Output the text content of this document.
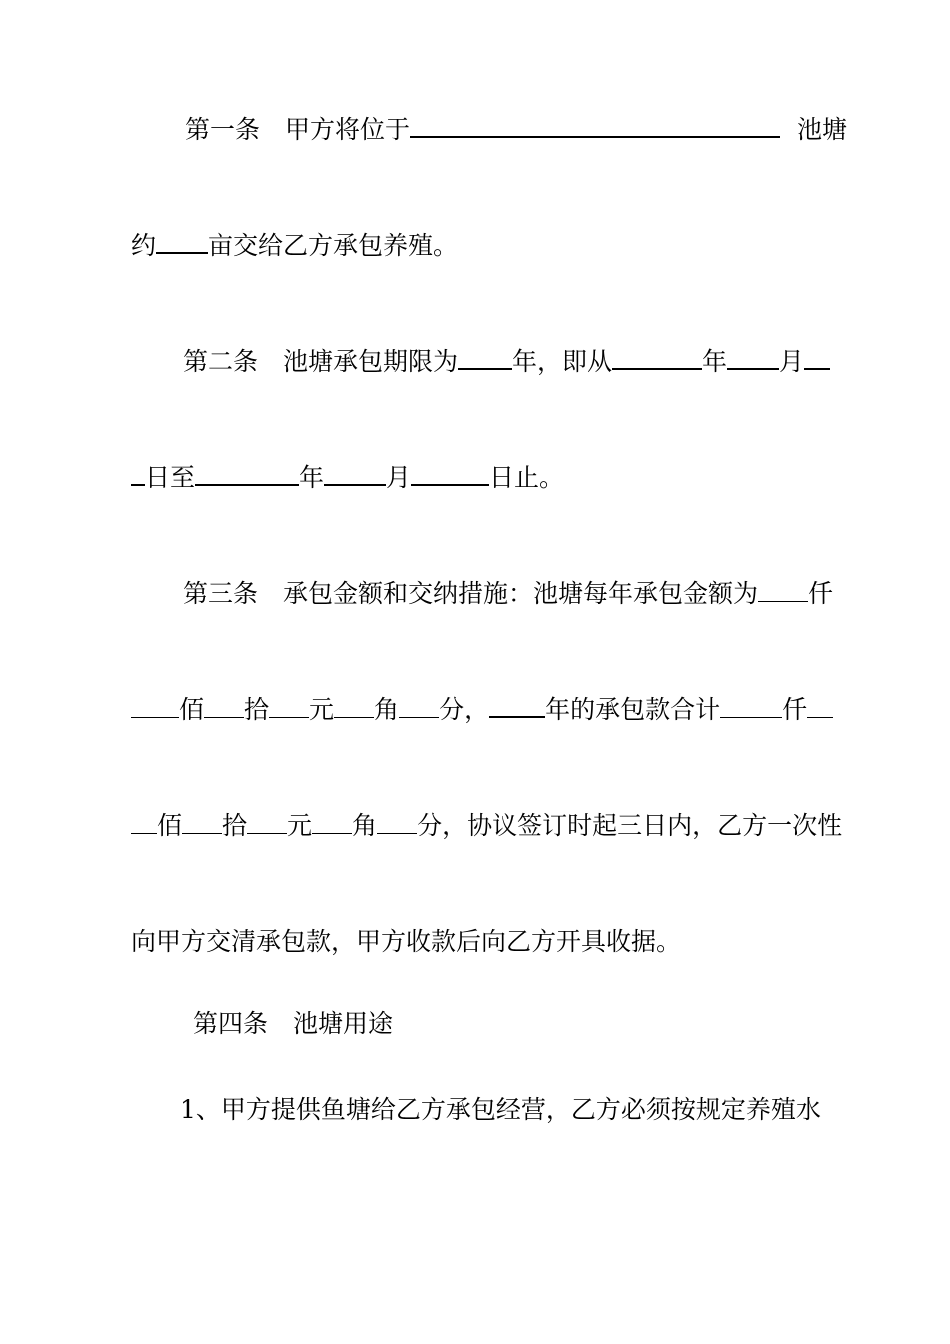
第一条　甲方将位于	池塘
约 亩交给乙方承包养殖。
第二条　池塘承包期限为 年，即从	年 月
日至	年 月	日止。
第三条　承包金额和交纳措施：池塘每年承包金额为 仟
佰 拾 元 角 分， 年的承包款合计 仟
佰 拾 元 角 分，协议签订时起三日内，乙方一次性
向甲方交清承包款，甲方收款后向乙方开具收据。
第四条　池塘用途
1、甲方提供鱼塘给乙方承包经营，乙方必须按规定养殖水
